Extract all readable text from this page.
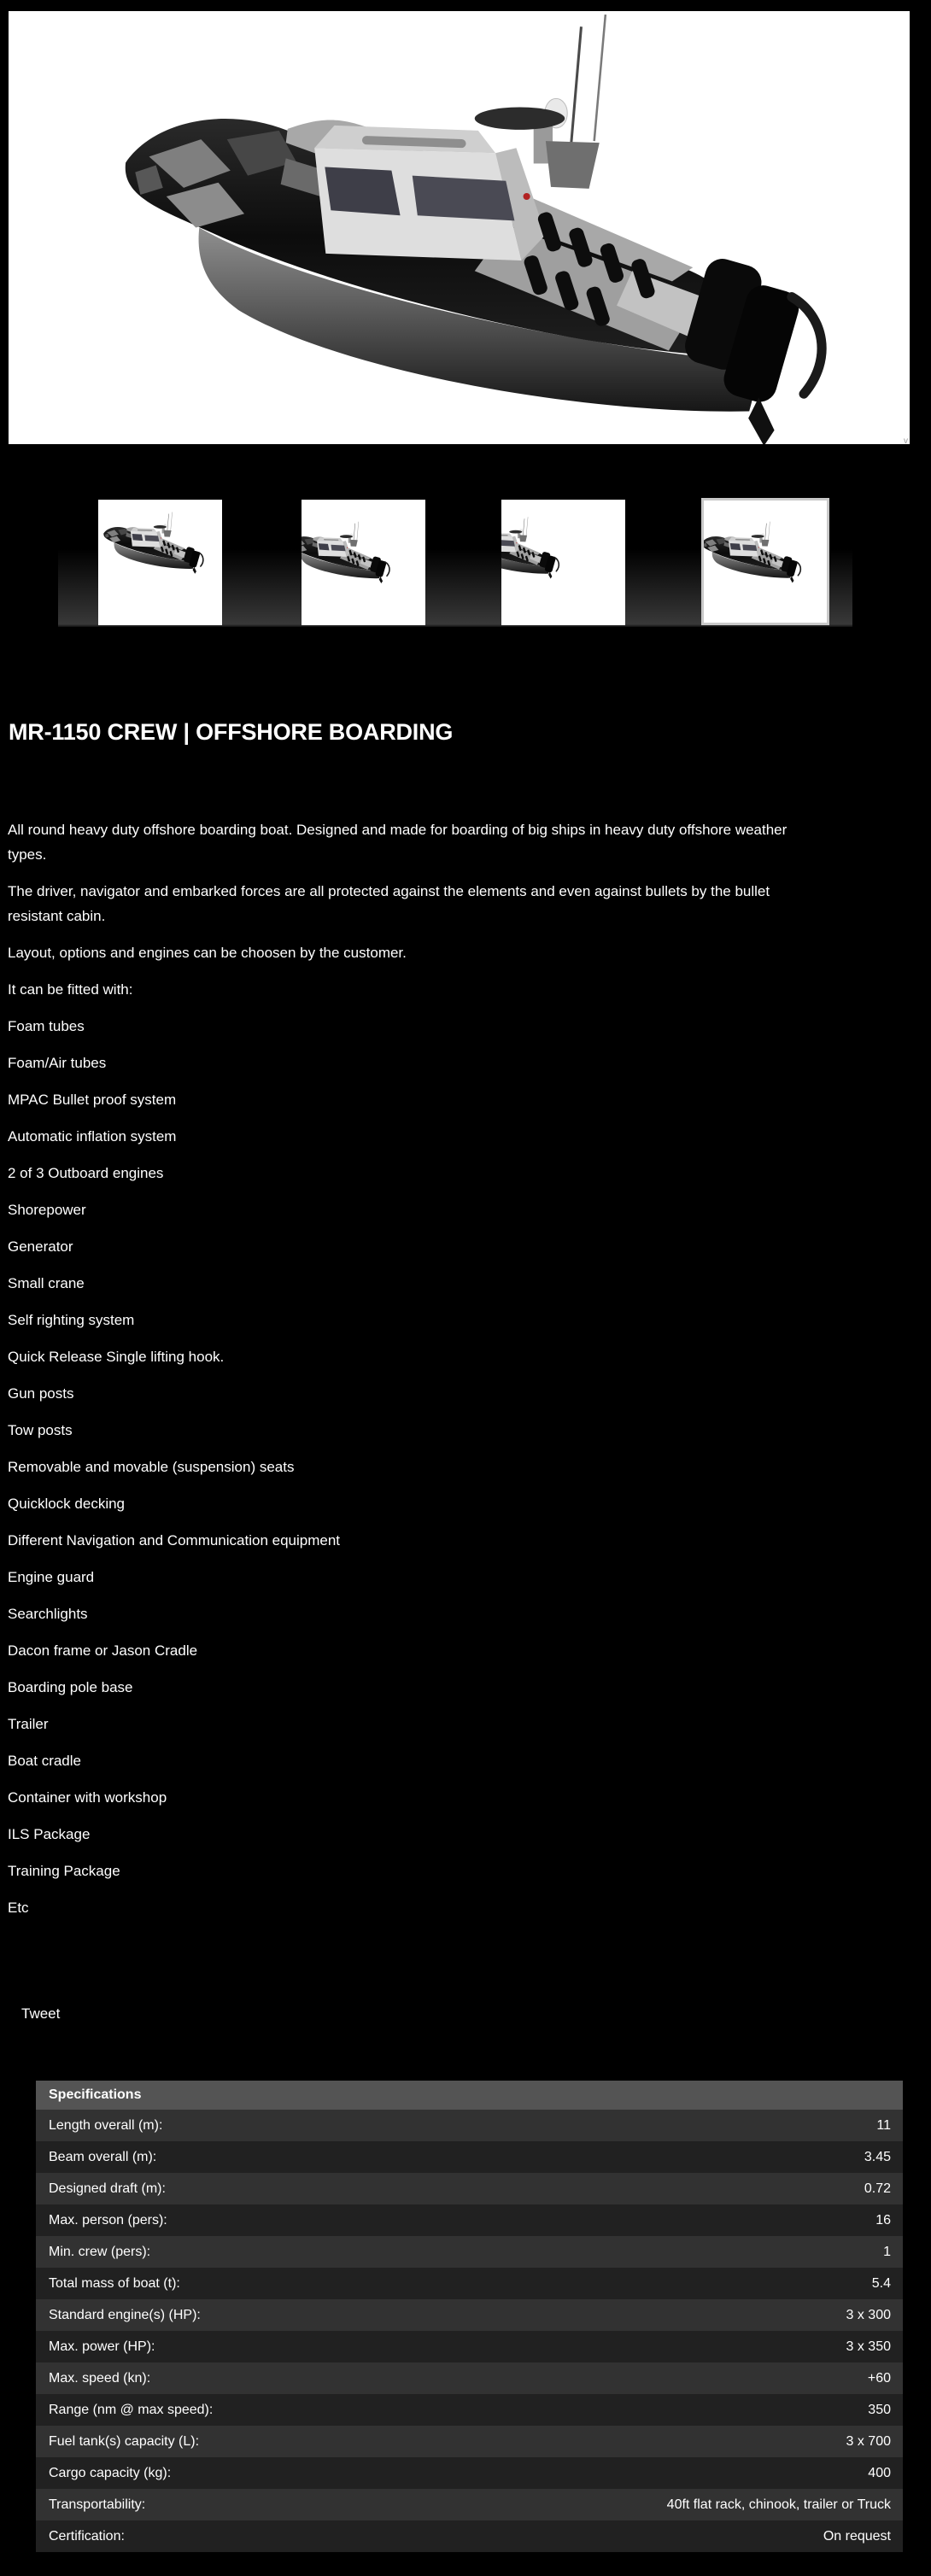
v
MR-1150 CREW | OFFSHORE BOARDING

All round heavy duty offshore boarding boat. Designed and made for boarding of big ships in heavy duty offshore weather types.

The driver, navigator and embarked forces are all protected against the elements and even against bullets by the bullet resistant cabin.

Layout, options and engines can be choosen by the customer.

It can be fitted with:

Foam tubes
Foam/Air tubes
MPAC Bullet proof system
Automatic inflation system
2 of 3 Outboard engines
Shorepower
Generator
Small crane
Self righting system
Quick Release Single lifting hook.
Gun posts
Tow posts
Removable and movable (suspension) seats
Quicklock decking
Different Navigation and Communication equipment
Engine guard
Searchlights
Dacon frame or Jason Cradle
Boarding pole base
Trailer
Boat cradle
Container with workshop
ILS Package
Training Package
Etc
Tweet
Specifications
Length overall (m):	11
Beam overall (m):	3.45
Designed draft (m):	0.72
Max. person (pers):	16
Min. crew (pers):	1
Total mass of boat (t):	5.4
Standard engine(s) (HP):	3 x 300
Max. power (HP):	3 x 350
Max. speed (kn):	+60
Range (nm @ max speed):	350
Fuel tank(s) capacity (L):	3 x 700
Cargo capacity (kg):	400
Transportability:	40ft flat rack, chinook, trailer or Truck
Certification:	On request
